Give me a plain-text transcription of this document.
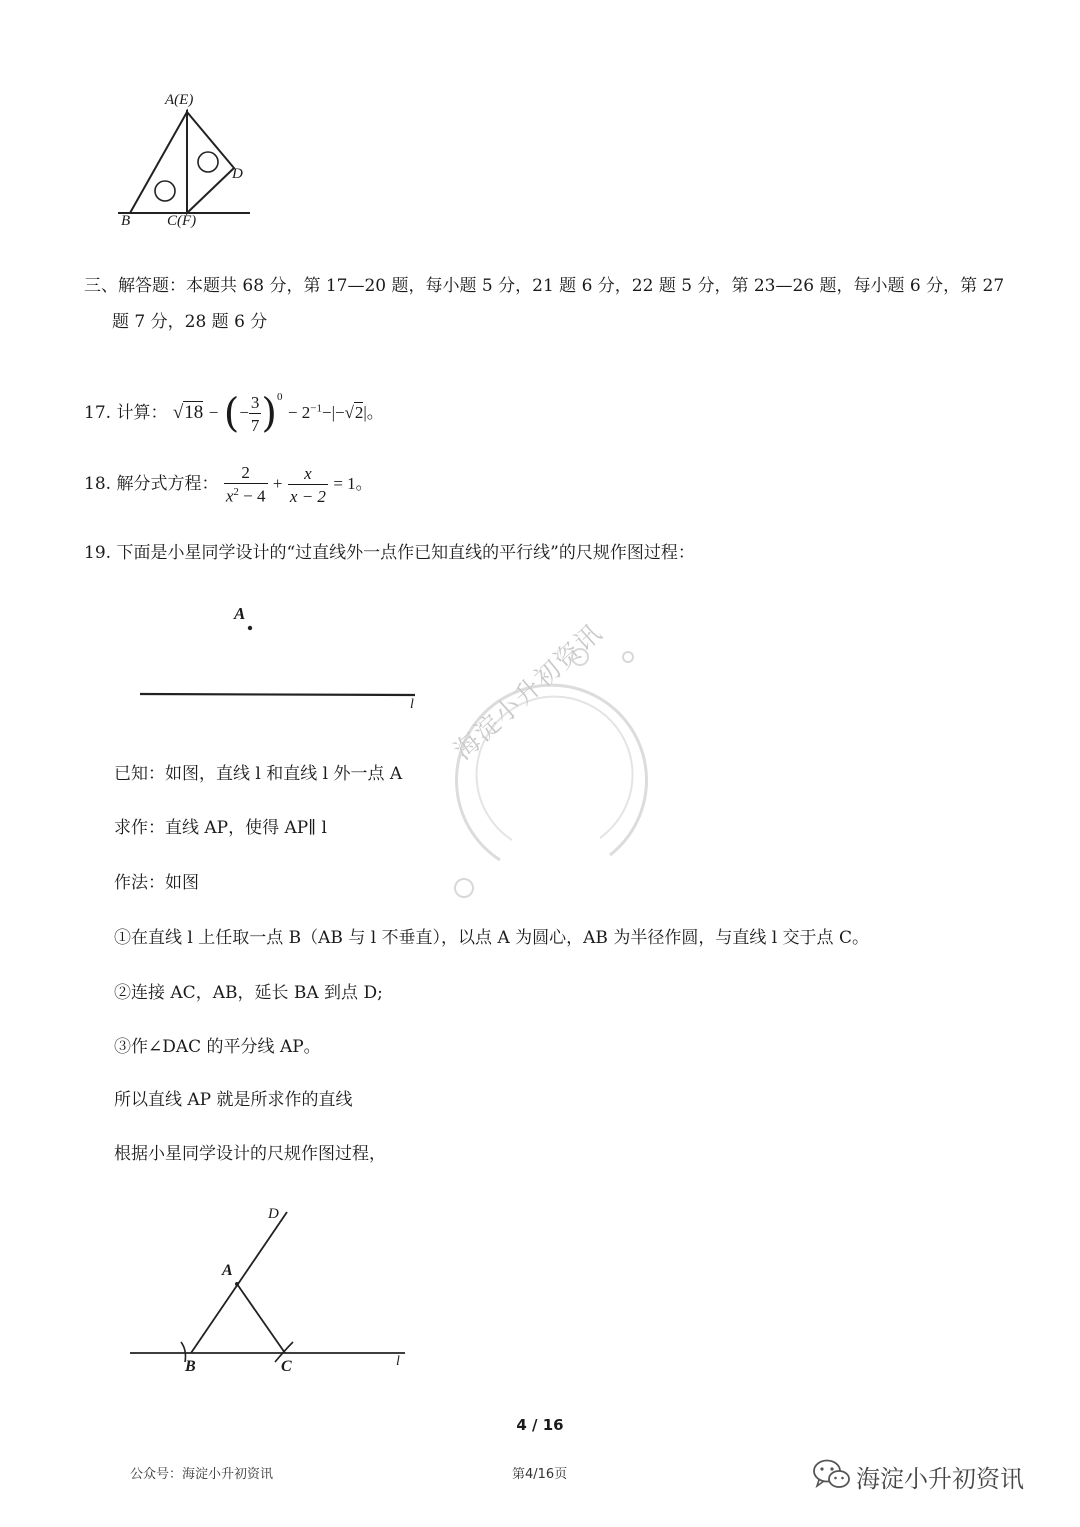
A(E)
D
B C(F)
三、解答题：本题共 68 分，第 17—20 题，每小题 5 分，21 题 6 分，22 题 5 分，第 23—26 题，每小题 6 分，第 27
题 7 分，28 题 6 分
17. 计算： √18 − (− $\frac{3}{7} )^0 - 2^{-1}-|-√2|$。
18. 解分式方程： $\frac{2}{x^2 - 4} + \frac{x}{x - 2} = 1$。
19. 下面是小星同学设计的“过直线外一点作已知直线的平行线”的尺规作图过程：
A
l 海淀小升初资讯
已知：如图，直线 l 和直线 l 外一点 A
求作：直线 AP，使得 AP∥ l
作法：如图
①在直线 l 上任取一点 B（AB 与 l 不垂直），以点 A 为圆心，AB 为半径作圆，与直线 l 交于点 C。
②连接 AC，AB，延长 BA 到点 D;
③作∠DAC 的平分线 AP。
所以直线 AP 就是所求作的直线
根据小星同学设计的尺规作图过程，
D
A
B	C	l
4 / 16
公众号：海淀小升初资讯	第4/16页	海淀小升初资讯
